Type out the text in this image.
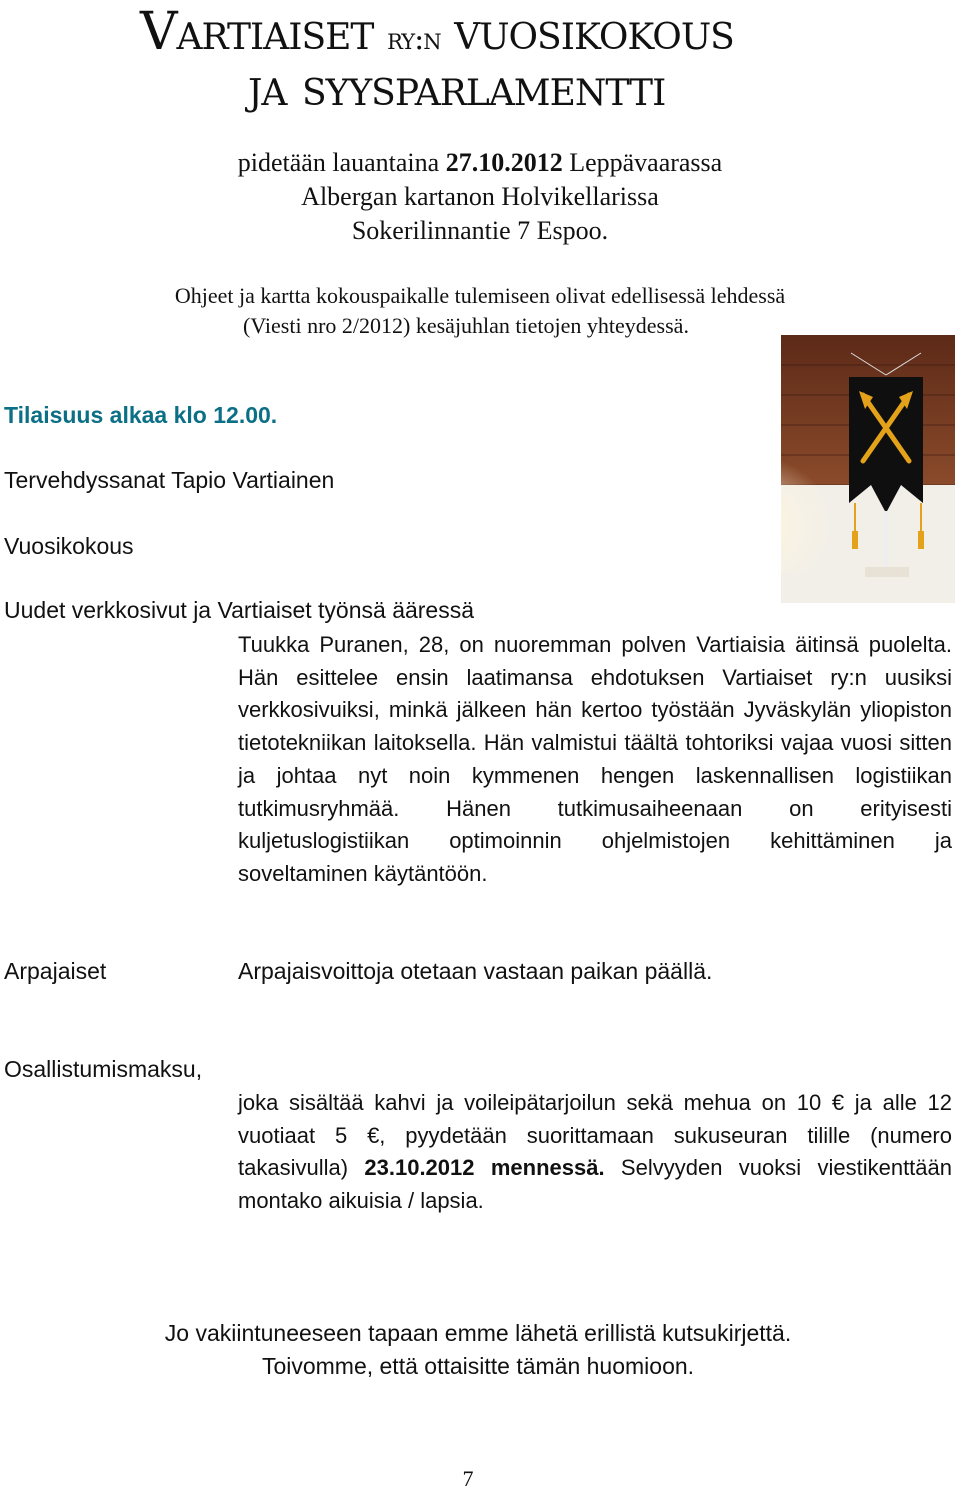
Vartiaiset ry:n vuosikokous
ja syysparlamentti
pidetään lauantaina 27.10.2012 Leppävaarassa
Albergan kartanon Holvikellarissa
Sokerilinnantie 7 Espoo.
Ohjeet ja kartta kokouspaikalle tulemiseen olivat edellisessä lehdessä
(Viesti nro 2/2012) kesäjuhlan tietojen yhteydessä.
Tilaisuus alkaa klo 12.00.
Tervehdyssanat Tapio Vartiainen
Vuosikokous
Uudet verkkosivut ja Vartiaiset työnsä ääressä
Tuukka Puranen, 28, on nuoremman polven Vartiaisia äitinsä puolelta. Hän esittelee ensin laatimansa ehdotuksen Vartiaiset ry:n uusiksi verkkosivuiksi, minkä jälkeen hän kertoo työstään Jyväskylän yliopiston tietotekniikan laitoksella. Hän valmistui täältä tohtoriksi vajaa vuosi sitten ja johtaa nyt noin kymmenen hengen laskennallisen logistiikan tutkimusryhmää. Hänen tutkimusaiheenaan on erityisesti kuljetuslogistiikan optimoinnin ohjelmistojen kehittäminen ja soveltaminen käytäntöön.
Arpajaiset	Arpajaisvoittoja otetaan vastaan paikan päällä.
Osallistumismaksu,
joka sisältää kahvi ja voileipätarjoilun sekä mehua on 10 € ja alle 12 vuotiaat 5 €, pyydetään suorittamaan sukuseuran tilille (numero takasivulla) 23.10.2012 mennessä. Selvyyden vuoksi viestikenttään montako aikuisia / lapsia.
Jo vakiintuneeseen tapaan emme lähetä erillistä kutsukirjettä.
Toivomme, että ottaisitte tämän huomioon.
7
